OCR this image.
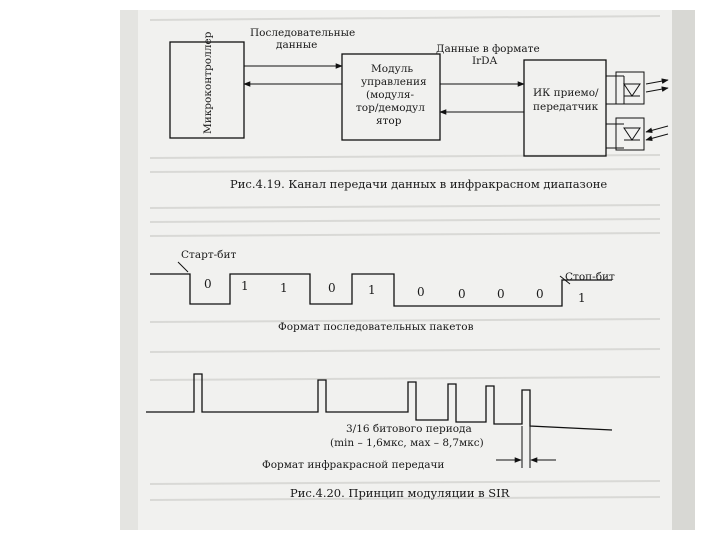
Микроконтроллер	Последовательные
данные
Модуль
управления
(модуля-
тор/демодул
ятор
Данные в формате
IrDA
ИК приемо/
передатчик
Рис.4.19. Канал передачи данных в инфракрасном диапазоне
Старт-бит
Стоп-бит
0 1	1	0	1	0	0	0	0	1
Формат последовательных пакетов
3/16 битового периода
(min – 1,6мкс, мах – 8,7мкс)
Формат инфракрасной передачи
Рис.4.20. Принцип модуляции в SIR
